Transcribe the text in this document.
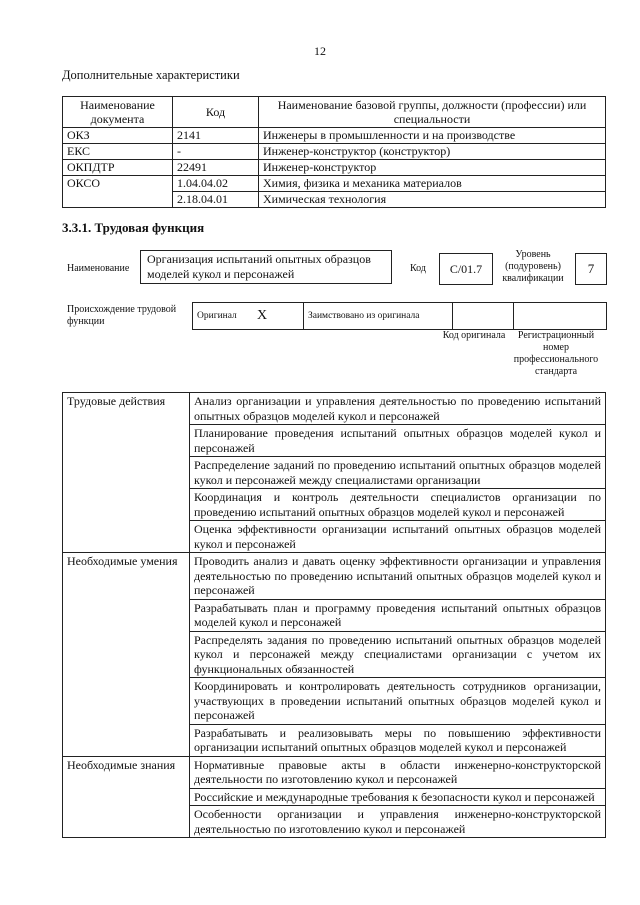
12
Дополнительные характеристики
Наименование документа	Код	Наименование базовой группы, должности (профессии) или специальности
ОКЗ	2141	Инженеры в промышленности и на производстве
ЕКС	-	Инженер-конструктор (конструктор)
ОКПДТР	22491	Инженер-конструктор
ОКСО	1.04.04.02	Химия, физика и механика материалов
	2.18.04.01	Химическая технология
3.3.1. Трудовая функция
Наименование
Организация испытаний опытных образцов моделей кукол и персонажей	Код	C/01.7
Уровень (подуровень) квалификации
7
Происхождение трудовой функции	Оригинал	X	Заимствовано из оригинала		
Код оригинала	Регистрационный номер профессионального стандарта
Трудовые действия	Анализ организации и управления деятельностью по проведению испытаний опытных образцов моделей кукол и персонажей
	Планирование проведения испытаний опытных образцов моделей кукол и персонажей
	Распределение заданий по проведению испытаний опытных образцов моделей кукол и персонажей между специалистами организации
	Координация и контроль деятельности специалистов организации по проведению испытаний опытных образцов моделей кукол и персонажей
	Оценка эффективности организации испытаний опытных образцов моделей кукол и персонажей
Необходимые умения	Проводить анализ и давать оценку эффективности организации и управления деятельностью по проведению испытаний опытных образцов моделей кукол и персонажей
	Разрабатывать план и программу проведения испытаний опытных образцов моделей кукол и персонажей
	Распределять задания по проведению испытаний опытных образцов моделей кукол и персонажей между специалистами организации с учетом их функциональных обязанностей
	Координировать и контролировать деятельность сотрудников организации, участвующих в проведении испытаний опытных образцов моделей кукол и персонажей
	Разрабатывать и реализовывать меры по повышению эффективности организации испытаний опытных образцов моделей кукол и персонажей
Необходимые знания	Нормативные правовые акты в области инженерно-конструкторской деятельности по изготовлению кукол и персонажей
	Российские и международные требования к безопасности кукол и персонажей
	Особенности организации и управления инженерно-конструкторской деятельностью по изготовлению кукол и персонажей
